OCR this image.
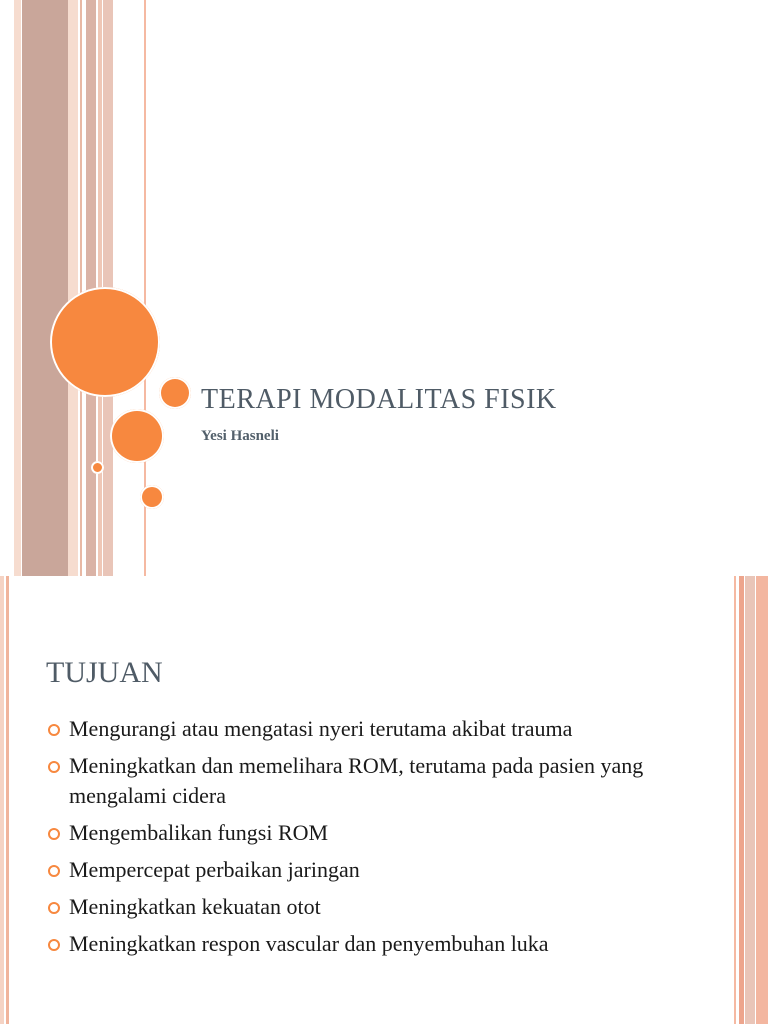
TERAPI MODALITAS FISIK

Yesi Hasneli

TUJUAN
Mengurangi atau mengatasi nyeri terutama akibat trauma
Meningkatkan dan memelihara ROM, terutama pada pasien yang mengalami cidera
Mengembalikan fungsi ROM
Mempercepat perbaikan jaringan
Meningkatkan kekuatan otot
Meningkatkan respon vascular dan penyembuhan luka
